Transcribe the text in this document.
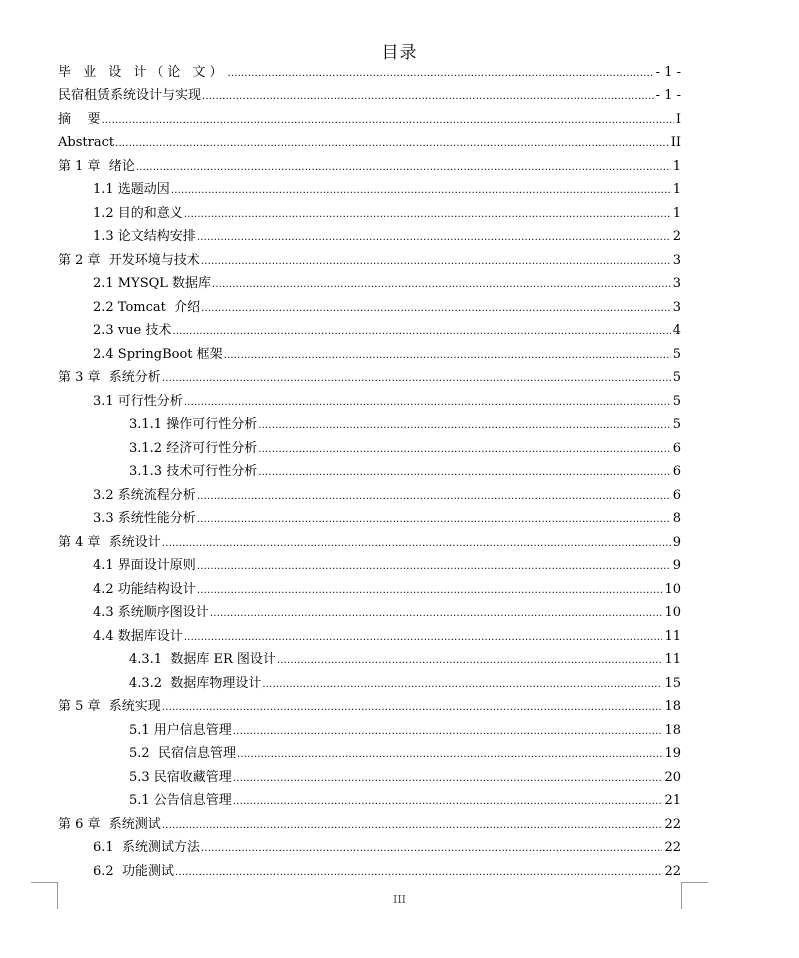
目录
毕 业 设 计（论 文） .....	- 1 -
民宿租赁系统设计与实现 .....	- 1 -
摘    要 .....	I
Abstract .....	II
第 1 章  绪论 .....	1
1.1 选题动因 .....	1
1.2 目的和意义 .....	1
1.3 论文结构安排 .....	2
第 2 章  开发环境与技术 .....	3
2.1 MYSQL 数据库 .....	3
2.2 Tomcat  介绍 .....	3
2.3 vue 技术 .....	4
2.4 SpringBoot 框架 .....	5
第 3 章  系统分析 .....	5
3.1 可行性分析 .....	5
3.1.1 操作可行性分析 .....	5
3.1.2 经济可行性分析 .....	6
3.1.3 技术可行性分析 .....	6
3.2 系统流程分析 .....	6
3.3 系统性能分析 .....	8
第 4 章  系统设计 .....	9
4.1 界面设计原则 .....	9
4.2 功能结构设计 .....	10
4.3 系统顺序图设计 .....	10
4.4 数据库设计 .....	11
4.3.1  数据库 ER 图设计 .....	11
4.3.2  数据库物理设计 .....	15
第 5 章  系统实现 .....	18
5.1 用户信息管理 .....	18
5.2  民宿信息管理 .....	19
5.3 民宿收藏管理 .....	20
5.1 公告信息管理 .....	21
第 6 章  系统测试 .....	22
6.1  系统测试方法 .....	22
6.2  功能测试 .....	22
III
